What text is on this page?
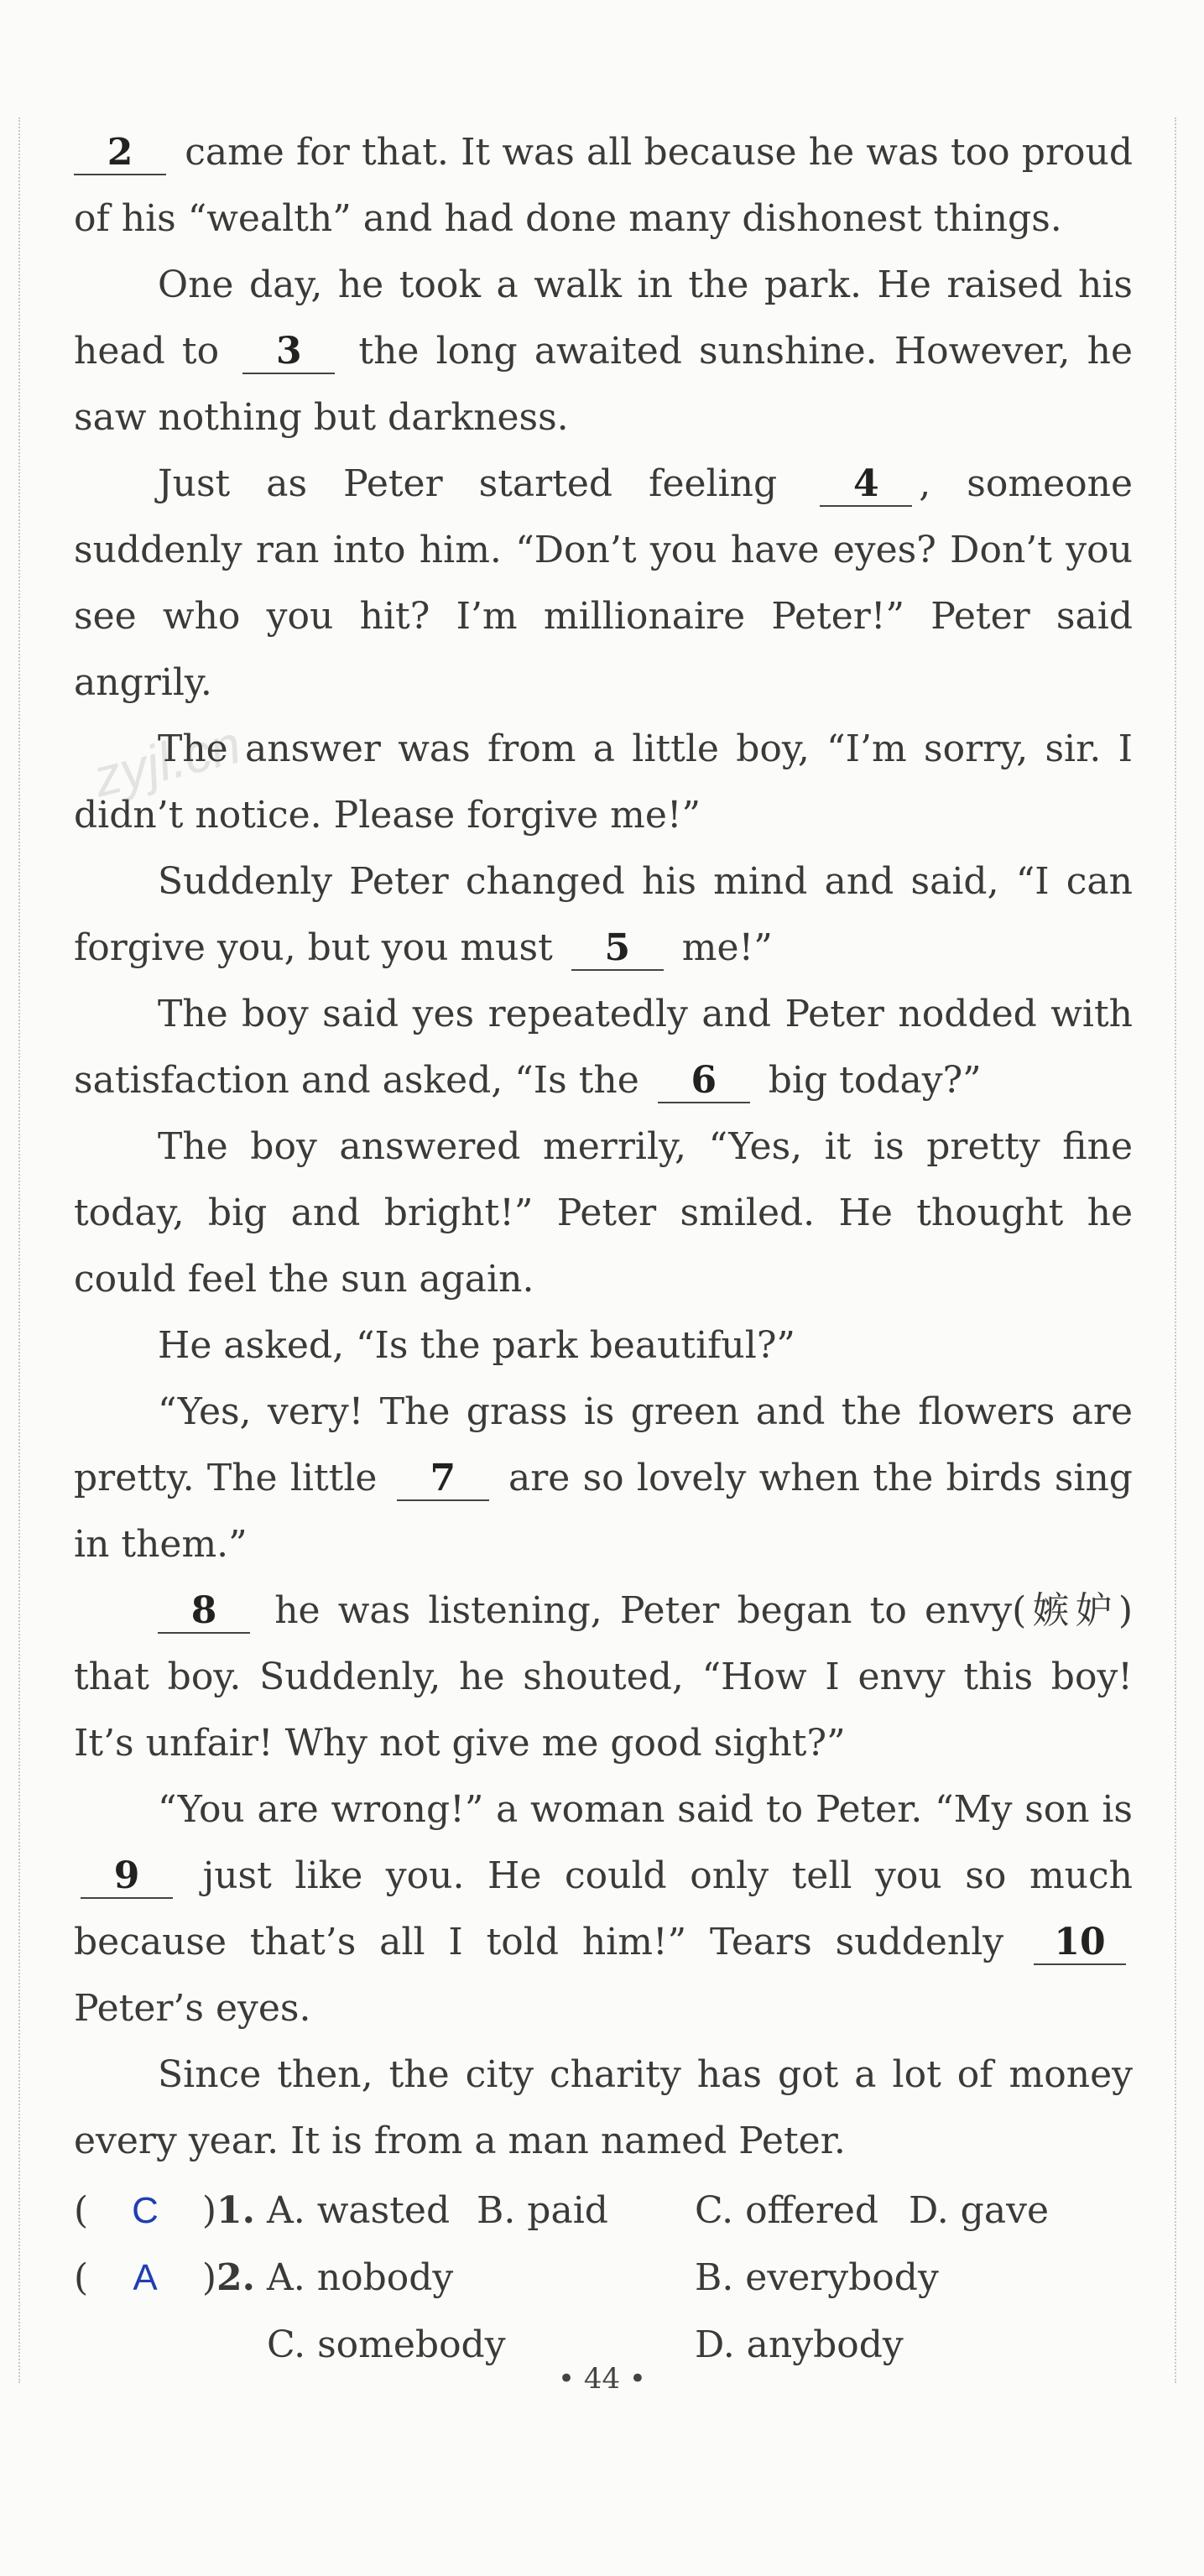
zyjl.cn

2 came for that. It was all because he was too proud of his “wealth” and had done many dishonest things.

One day, he took a walk in the park. He raised his head to 3 the long awaited sunshine. However, he saw nothing but darkness.

Just as Peter started feeling 4 , someone suddenly ran into him. “Don’t you have eyes? Don’t you see who you hit? I’m millionaire Peter!” Peter said angrily.

The answer was from a little boy, “I’m sorry, sir. I didn’t notice. Please forgive me!”

Suddenly Peter changed his mind and said, “I can forgive you, but you must 5 me!”

The boy said yes repeatedly and Peter nodded with satisfaction and asked, “Is the 6 big today?”

The boy answered merrily, “Yes, it is pretty fine today, big and bright!” Peter smiled. He thought he could feel the sun again.

He asked, “Is the park beautiful?”

“Yes, very! The grass is green and the flowers are pretty. The little 7 are so lovely when the birds sing in them.”

8 he was listening, Peter began to envy(嫉妒) that boy. Suddenly, he shouted, “How I envy this boy! It’s unfair! Why not give me good sight?”

“You are wrong!” a woman said to Peter. “My son is 9 just like you. He could only tell you so much because that’s all I told him!” Tears suddenly 10 Peter’s eyes.

Since then, the city charity has got a lot of money every year. It is from a man named Peter.

( C ) 1. A. wasted B. paid	C. offered D. gave
( A ) 2. A. nobody	B. everybody
C. somebody	D. anybody
• 44 •
